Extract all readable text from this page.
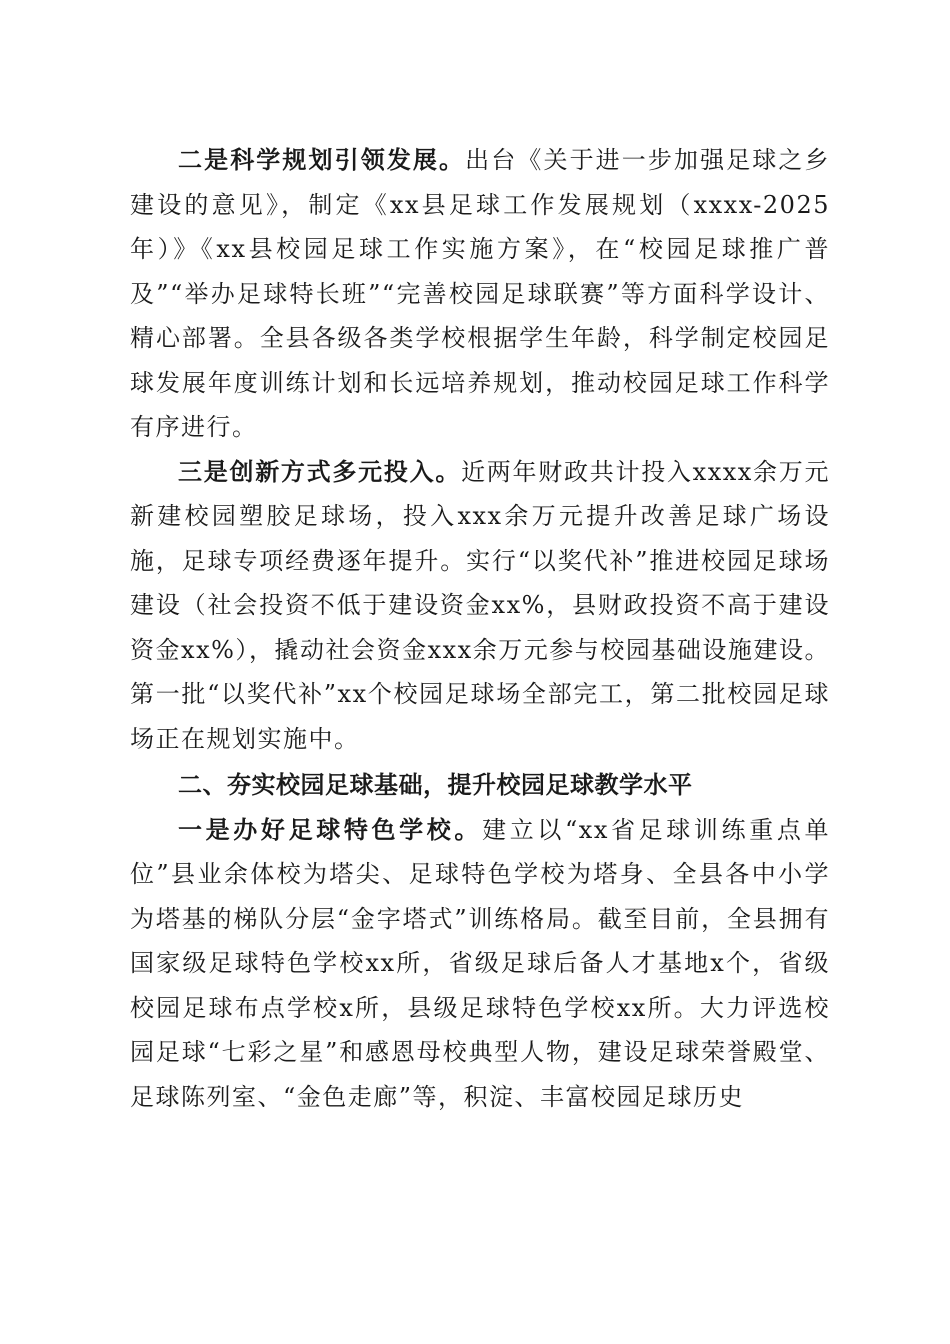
二是科学规划引领发展。出台《关于进一步加强足球之乡建设的意见》，制定《xx县足球工作发展规划（xxxx-2025年）》《xx县校园足球工作实施方案》，在“校园足球推广普及”“举办足球特长班”“完善校园足球联赛”等方面科学设计、精心部署。全县各级各类学校根据学生年龄，科学制定校园足球发展年度训练计划和长远培养规划，推动校园足球工作科学有序进行。

三是创新方式多元投入。近两年财政共计投入xxxx余万元新建校园塑胶足球场，投入xxx余万元提升改善足球广场设施，足球专项经费逐年提升。实行“以奖代补”推进校园足球场建设（社会投资不低于建设资金xx%，县财政投资不高于建设资金xx%），撬动社会资金xxx余万元参与校园基础设施建设。第一批“以奖代补”xx个校园足球场全部完工，第二批校园足球场正在规划实施中。

二、夯实校园足球基础，提升校园足球教学水平

一是办好足球特色学校。建立以“xx省足球训练重点单位”县业余体校为塔尖、足球特色学校为塔身、全县各中小学为塔基的梯队分层“金字塔式”训练格局。截至目前，全县拥有国家级足球特色学校xx所，省级足球后备人才基地x个，省级校园足球布点学校x所，县级足球特色学校xx所。大力评选校园足球“七彩之星”和感恩母校典型人物，建设足球荣誉殿堂、足球陈列室、“金色走廊”等，积淀、丰富校园足球历史
